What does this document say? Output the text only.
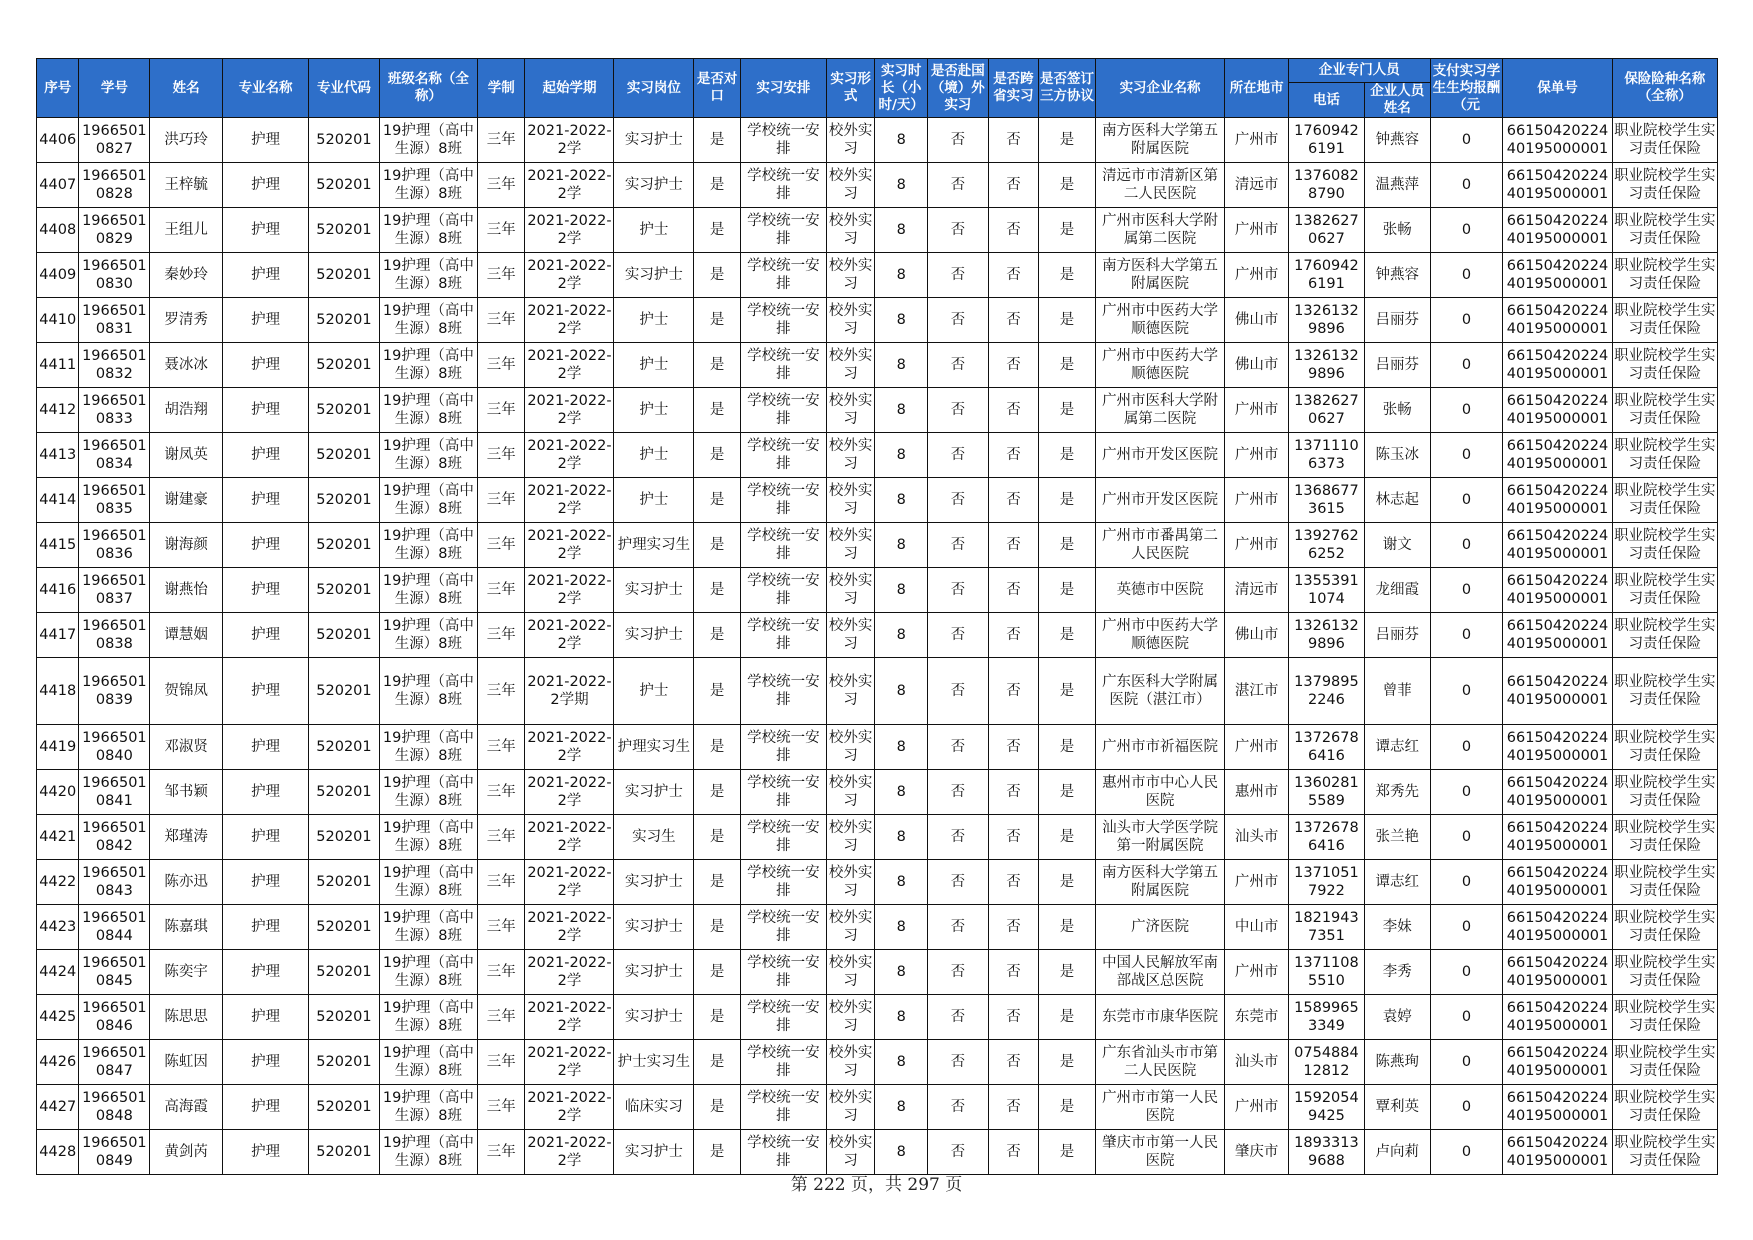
序号	学号	姓名	专业名称	专业代码	班级名称（全称）	学制	起始学期	实习岗位	是否对口	实习安排	实习形式	实习时长（小时/天）	是否赴国（境）外实习	是否跨省实习	是否签订三方协议	实习企业名称	所在地市	企业专门人员		支付实习学生生均报酬（元	保单号	保险险种名称（全称）
																		电话	企业人员姓名			

4406	19665010827	洪巧玲	护理	520201	19护理（高中生源）8班	三年	2021-2022-2学	实习护士	是	学校统一安排	校外实习	8	否	否	是	南方医科大学第五附属医院	广州市	17609426191	钟燕容	0	6615042022440195000001	职业院校学生实习责任保险

4407	19665010828	王梓毓	护理	520201	19护理（高中生源）8班	三年	2021-2022-2学	实习护士	是	学校统一安排	校外实习	8	否	否	是	清远市市清新区第二人民医院	清远市	13760828790	温燕萍	0	6615042022440195000001	职业院校学生实习责任保险

4408	19665010829	王组儿	护理	520201	19护理（高中生源）8班	三年	2021-2022-2学	护士	是	学校统一安排	校外实习	8	否	否	是	广州市医科大学附属第二医院	广州市	13826270627	张畅	0	6615042022440195000001	职业院校学生实习责任保险

4409	19665010830	秦妙玲	护理	520201	19护理（高中生源）8班	三年	2021-2022-2学	实习护士	是	学校统一安排	校外实习	8	否	否	是	南方医科大学第五附属医院	广州市	17609426191	钟燕容	0	6615042022440195000001	职业院校学生实习责任保险

4410	19665010831	罗清秀	护理	520201	19护理（高中生源）8班	三年	2021-2022-2学	护士	是	学校统一安排	校外实习	8	否	否	是	广州市中医药大学顺德医院	佛山市	13261329896	吕丽芬	0	6615042022440195000001	职业院校学生实习责任保险

4411	19665010832	聂冰冰	护理	520201	19护理（高中生源）8班	三年	2021-2022-2学	护士	是	学校统一安排	校外实习	8	否	否	是	广州市中医药大学顺德医院	佛山市	13261329896	吕丽芬	0	6615042022440195000001	职业院校学生实习责任保险

4412	19665010833	胡浩翔	护理	520201	19护理（高中生源）8班	三年	2021-2022-2学	护士	是	学校统一安排	校外实习	8	否	否	是	广州市医科大学附属第二医院	广州市	13826270627	张畅	0	6615042022440195000001	职业院校学生实习责任保险

4413	19665010834	谢凤英	护理	520201	19护理（高中生源）8班	三年	2021-2022-2学	护士	是	学校统一安排	校外实习	8	否	否	是	广州市开发区医院	广州市	13711106373	陈玉冰	0	6615042022440195000001	职业院校学生实习责任保险

4414	19665010835	谢建豪	护理	520201	19护理（高中生源）8班	三年	2021-2022-2学	护士	是	学校统一安排	校外实习	8	否	否	是	广州市开发区医院	广州市	13686773615	林志起	0	6615042022440195000001	职业院校学生实习责任保险

4415	19665010836	谢海颜	护理	520201	19护理（高中生源）8班	三年	2021-2022-2学	护理实习生	是	学校统一安排	校外实习	8	否	否	是	广州市市番禺第二人民医院	广州市	13927626252	谢文	0	6615042022440195000001	职业院校学生实习责任保险

4416	19665010837	谢燕怡	护理	520201	19护理（高中生源）8班	三年	2021-2022-2学	实习护士	是	学校统一安排	校外实习	8	否	否	是	英德市中医院	清远市	13553911074	龙细霞	0	6615042022440195000001	职业院校学生实习责任保险

4417	19665010838	谭慧姻	护理	520201	19护理（高中生源）8班	三年	2021-2022-2学	实习护士	是	学校统一安排	校外实习	8	否	否	是	广州市中医药大学顺德医院	佛山市	13261329896	吕丽芬	0	6615042022440195000001	职业院校学生实习责任保险

4418	19665010839	贺锦凤	护理	520201	19护理（高中生源）8班	三年	2021-2022-2学期	护士	是	学校统一安排	校外实习	8	否	否	是	广东医科大学附属医院（湛江市）	湛江市	13798952246	曾菲	0	6615042022440195000001	职业院校学生实习责任保险

4419	19665010840	邓淑贤	护理	520201	19护理（高中生源）8班	三年	2021-2022-2学	护理实习生	是	学校统一安排	校外实习	8	否	否	是	广州市市祈福医院	广州市	13726786416	谭志红	0	6615042022440195000001	职业院校学生实习责任保险

4420	19665010841	邹书颖	护理	520201	19护理（高中生源）8班	三年	2021-2022-2学	实习护士	是	学校统一安排	校外实习	8	否	否	是	惠州市市中心人民医院	惠州市	13602815589	郑秀先	0	6615042022440195000001	职业院校学生实习责任保险

4421	19665010842	郑瑾涛	护理	520201	19护理（高中生源）8班	三年	2021-2022-2学	实习生	是	学校统一安排	校外实习	8	否	否	是	汕头市大学医学院第一附属医院	汕头市	13726786416	张兰艳	0	6615042022440195000001	职业院校学生实习责任保险

4422	19665010843	陈亦迅	护理	520201	19护理（高中生源）8班	三年	2021-2022-2学	实习护士	是	学校统一安排	校外实习	8	否	否	是	南方医科大学第五附属医院	广州市	13710517922	谭志红	0	6615042022440195000001	职业院校学生实习责任保险

4423	19665010844	陈嘉琪	护理	520201	19护理（高中生源）8班	三年	2021-2022-2学	实习护士	是	学校统一安排	校外实习	8	否	否	是	广济医院	中山市	18219437351	李妹	0	6615042022440195000001	职业院校学生实习责任保险

4424	19665010845	陈奕宇	护理	520201	19护理（高中生源）8班	三年	2021-2022-2学	实习护士	是	学校统一安排	校外实习	8	否	否	是	中国人民解放军南部战区总医院	广州市	13711085510	李秀	0	6615042022440195000001	职业院校学生实习责任保险

4425	19665010846	陈思思	护理	520201	19护理（高中生源）8班	三年	2021-2022-2学	实习护士	是	学校统一安排	校外实习	8	否	否	是	东莞市市康华医院	东莞市	15899653349	袁婷	0	6615042022440195000001	职业院校学生实习责任保险

4426	19665010847	陈虹因	护理	520201	19护理（高中生源）8班	三年	2021-2022-2学	护士实习生	是	学校统一安排	校外实习	8	否	否	是	广东省汕头市市第二人民医院	汕头市	075488412812	陈燕珣	0	6615042022440195000001	职业院校学生实习责任保险

4427	19665010848	高海霞	护理	520201	19护理（高中生源）8班	三年	2021-2022-2学	临床实习	是	学校统一安排	校外实习	8	否	否	是	广州市市第一人民医院	广州市	15920549425	覃利英	0	6615042022440195000001	职业院校学生实习责任保险

4428	19665010849	黄剑芮	护理	520201	19护理（高中生源）8班	三年	2021-2022-2学	实习护士	是	学校统一安排	校外实习	8	否	否	是	肇庆市市第一人民医院	肇庆市	18933139688	卢向莉	0	6615042022440195000001	职业院校学生实习责任保险
第 222 页，共 297 页
